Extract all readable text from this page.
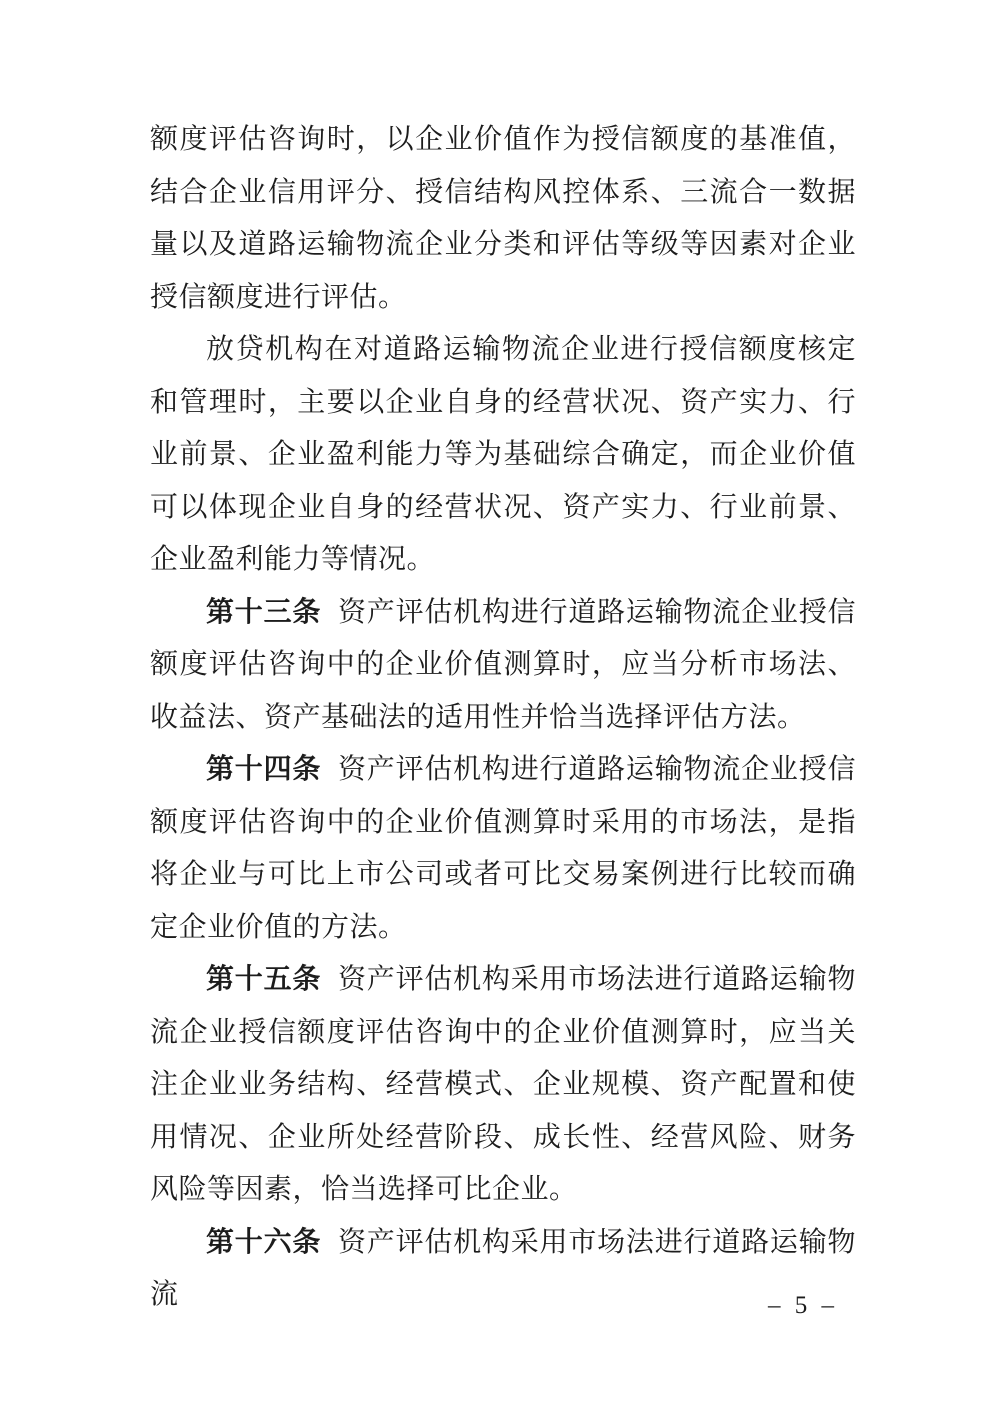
额度评估咨询时，以企业价值作为授信额度的基准值，结合企业信用评分、授信结构风控体系、三流合一数据量以及道路运输物流企业分类和评估等级等因素对企业授信额度进行评估。

放贷机构在对道路运输物流企业进行授信额度核定和管理时，主要以企业自身的经营状况、资产实力、行业前景、企业盈利能力等为基础综合确定，而企业价值可以体现企业自身的经营状况、资产实力、行业前景、企业盈利能力等情况。

第十三条 资产评估机构进行道路运输物流企业授信额度评估咨询中的企业价值测算时，应当分析市场法、收益法、资产基础法的适用性并恰当选择评估方法。

第十四条 资产评估机构进行道路运输物流企业授信额度评估咨询中的企业价值测算时采用的市场法，是指将企业与可比上市公司或者可比交易案例进行比较而确定企业价值的方法。

第十五条 资产评估机构采用市场法进行道路运输物流企业授信额度评估咨询中的企业价值测算时，应当关注企业业务结构、经营模式、企业规模、资产配置和使用情况、企业所处经营阶段、成长性、经营风险、财务风险等因素，恰当选择可比企业。

第十六条 资产评估机构采用市场法进行道路运输物流	– 5 –
